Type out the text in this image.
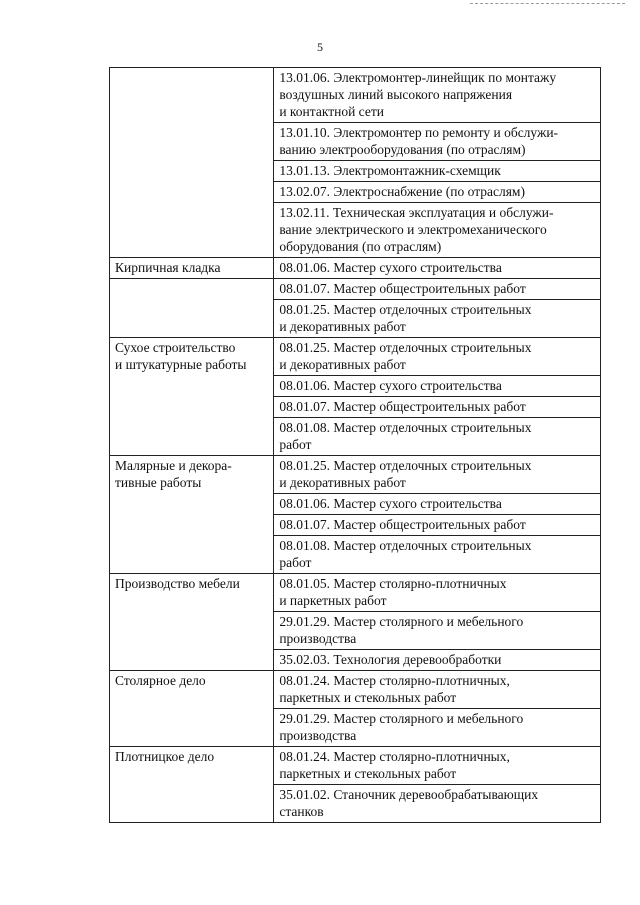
5

	13.01.06. Электромонтер-линейщик по монтажу
воздушных линий высокого напряжения
и контактной сети

	13.01.10. Электромонтер по ремонту и обслужи-
ванию электрооборудования (по отраслям)

	13.01.13. Электромонтажник-схемщик

	13.02.07. Электроснабжение (по отраслям)

	13.02.11. Техническая эксплуатация и обслужи-
вание электрического и электромеханического
оборудования (по отраслям)

Кирпичная кладка	08.01.06. Мастер сухого строительства

	08.01.07. Мастер общестроительных работ

	08.01.25. Мастер отделочных строительных
и декоративных работ

Сухое строительство
и штукатурные работы	08.01.25. Мастер отделочных строительных
и декоративных работ

	08.01.06. Мастер сухого строительства

	08.01.07. Мастер общестроительных работ

	08.01.08. Мастер отделочных строительных
работ

Малярные и декора-
тивные работы	08.01.25. Мастер отделочных строительных
и декоративных работ

	08.01.06. Мастер сухого строительства

	08.01.07. Мастер общестроительных работ

	08.01.08. Мастер отделочных строительных
работ

Производство мебели	08.01.05. Мастер столярно-плотничных
и паркетных работ

	29.01.29. Мастер столярного и мебельного
производства

	35.02.03. Технология деревообработки

Столярное дело	08.01.24. Мастер столярно-плотничных,
паркетных и стекольных работ

	29.01.29. Мастер столярного и мебельного
производства

Плотницкое дело	08.01.24. Мастер столярно-плотничных,
паркетных и стекольных работ

	35.01.02. Станочник деревообрабатывающих
станков
